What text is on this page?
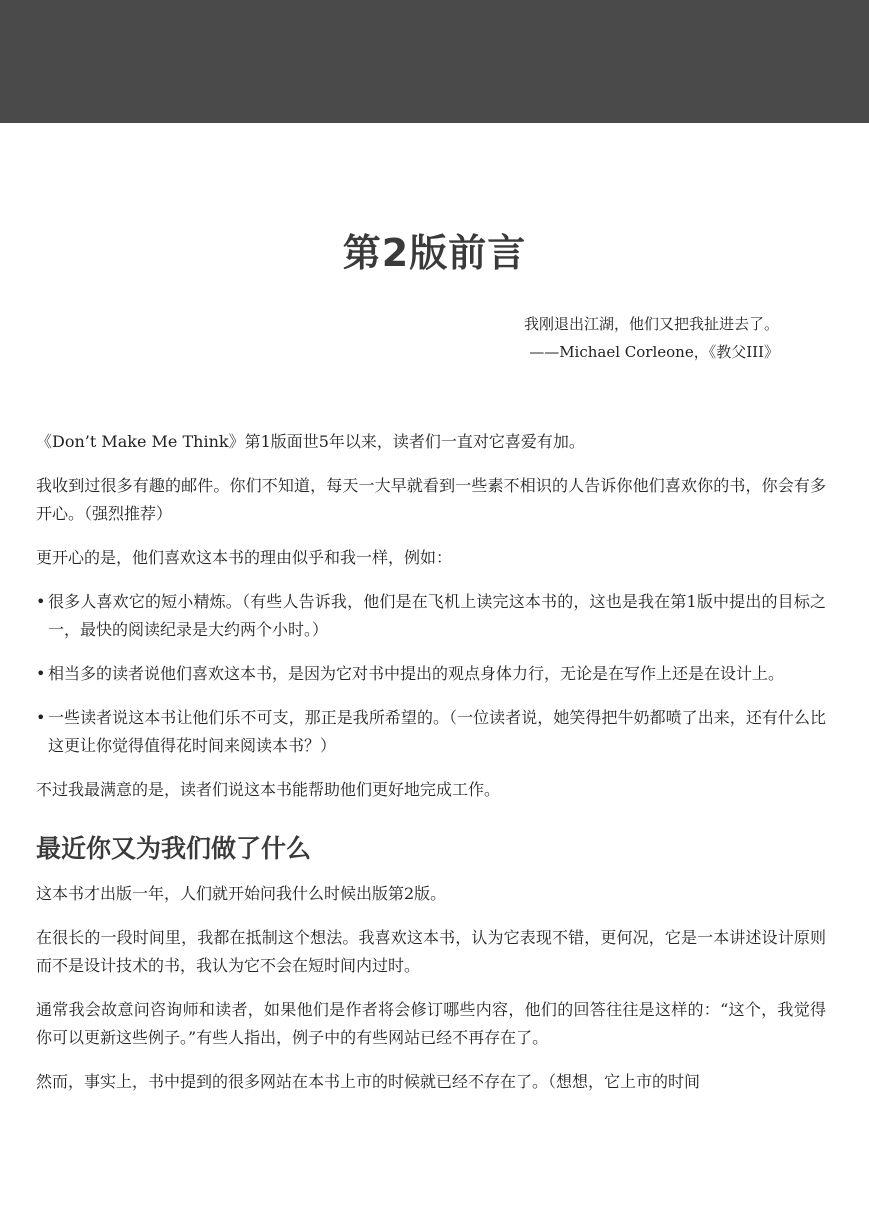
第2版前言
我刚退出江湖，他们又把我扯进去了。
——Michael Corleone，《教父III》

《Don’t Make Me Think》第1版面世5年以来，读者们一直对它喜爱有加。

我收到过很多有趣的邮件。你们不知道，每天一大早就看到一些素不相识的人告诉你他们喜欢你的书，你会有多开心。（强烈推荐）

更开心的是，他们喜欢这本书的理由似乎和我一样，例如：

• 很多人喜欢它的短小精炼。（有些人告诉我，他们是在飞机上读完这本书的，这也是我在第1版中提出的目标之一，最快的阅读纪录是大约两个小时。）
• 相当多的读者说他们喜欢这本书，是因为它对书中提出的观点身体力行，无论是在写作上还是在设计上。
• 一些读者说这本书让他们乐不可支，那正是我所希望的。（一位读者说，她笑得把牛奶都喷了出来，还有什么比这更让你觉得值得花时间来阅读本书？）

不过我最满意的是，读者们说这本书能帮助他们更好地完成工作。

最近你又为我们做了什么

这本书才出版一年，人们就开始问我什么时候出版第2版。

在很长的一段时间里，我都在抵制这个想法。我喜欢这本书，认为它表现不错，更何况，它是一本讲述设计原则而不是设计技术的书，我认为它不会在短时间内过时。

通常我会故意问咨询师和读者，如果他们是作者将会修订哪些内容，他们的回答往往是这样的：“这个，我觉得你可以更新这些例子。”有些人指出，例子中的有些网站已经不再存在了。

然而，事实上，书中提到的很多网站在本书上市的时候就已经不存在了。（想想，它上市的时间
